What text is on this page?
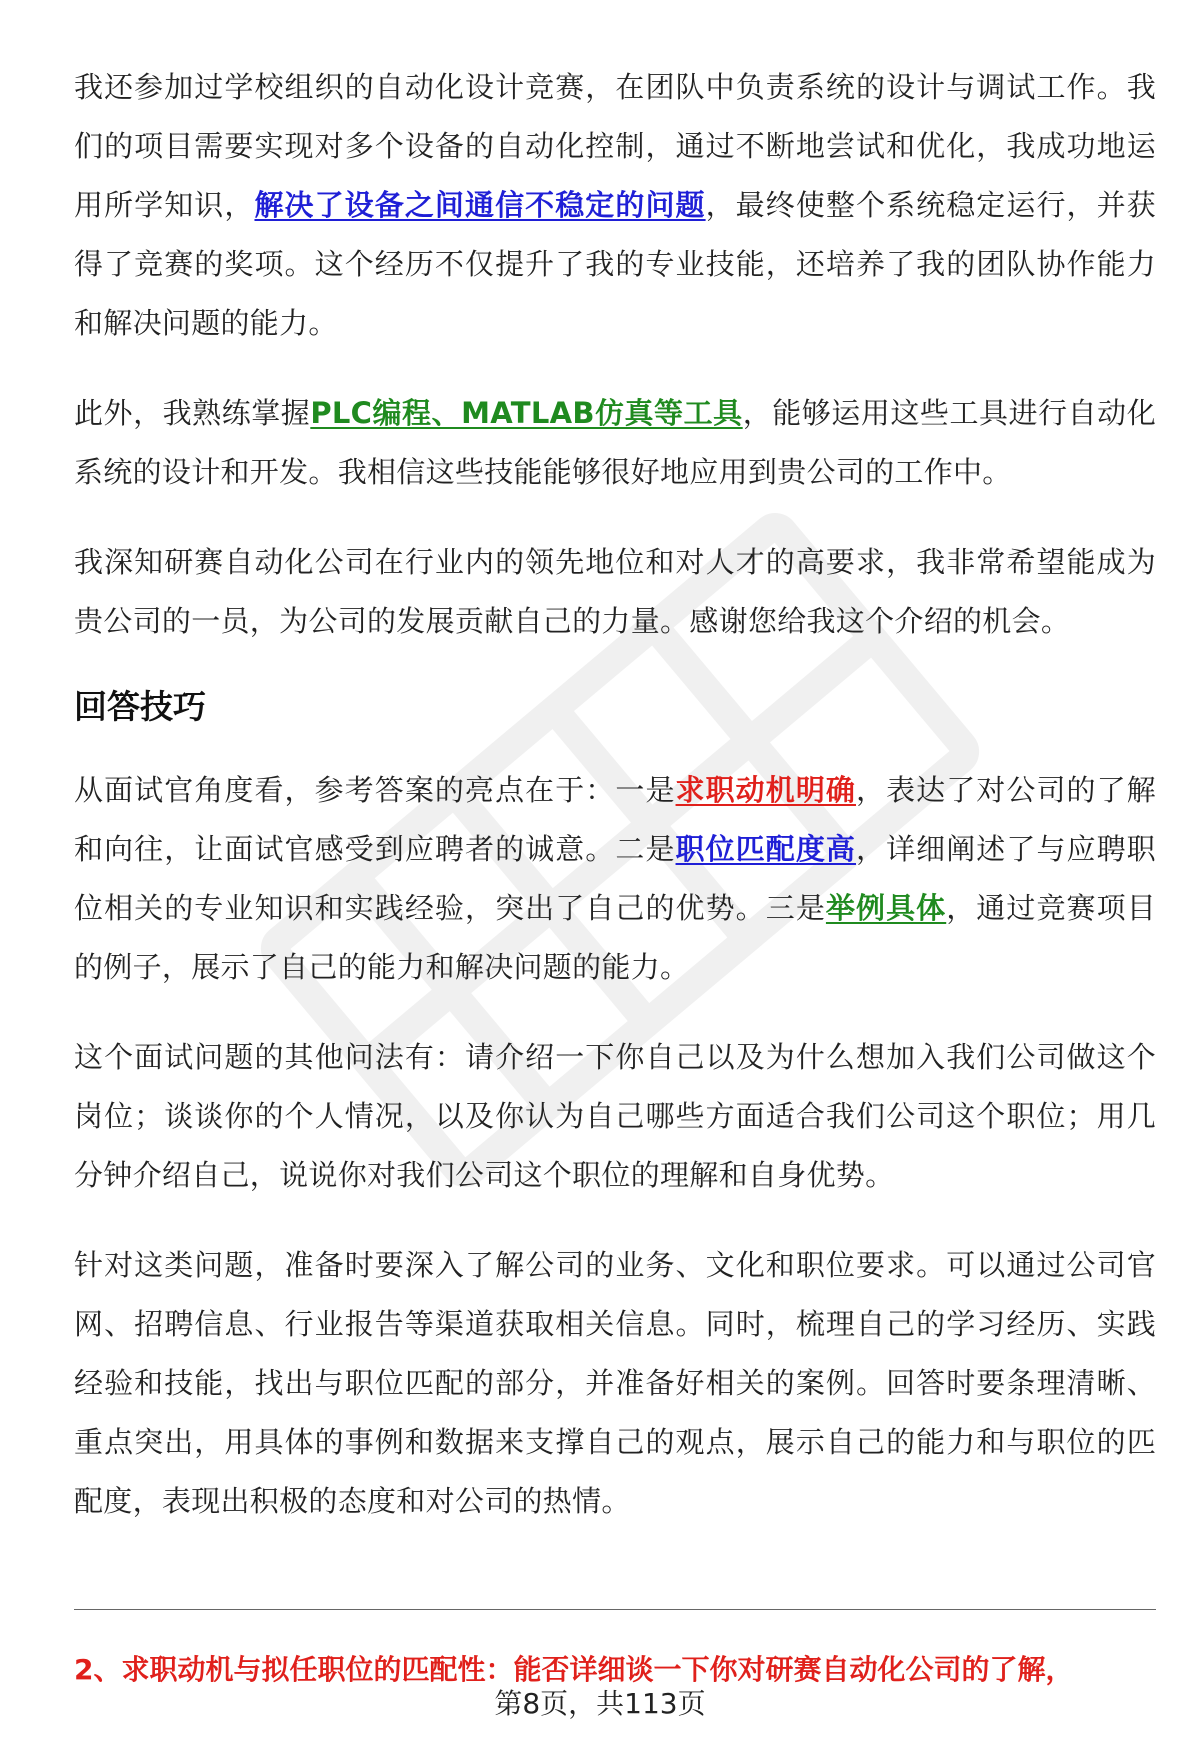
我还参加过学校组织的自动化设计竞赛，在团队中负责系统的设计与调试工作。我们的项目需要实现对多个设备的自动化控制，通过不断地尝试和优化，我成功地运用所学知识，解决了设备之间通信不稳定的问题，最终使整个系统稳定运行，并获得了竞赛的奖项。这个经历不仅提升了我的专业技能，还培养了我的团队协作能力和解决问题的能力。

此外，我熟练掌握PLC编程、MATLAB仿真等工具，能够运用这些工具进行自动化系统的设计和开发。我相信这些技能能够很好地应用到贵公司的工作中。

我深知研赛自动化公司在行业内的领先地位和对人才的高要求，我非常希望能成为贵公司的一员，为公司的发展贡献自己的力量。感谢您给我这个介绍的机会。

回答技巧

从面试官角度看，参考答案的亮点在于：一是求职动机明确，表达了对公司的了解和向往，让面试官感受到应聘者的诚意。二是职位匹配度高，详细阐述了与应聘职位相关的专业知识和实践经验，突出了自己的优势。三是举例具体，通过竞赛项目的例子，展示了自己的能力和解决问题的能力。

这个面试问题的其他问法有：请介绍一下你自己以及为什么想加入我们公司做这个岗位；谈谈你的个人情况，以及你认为自己哪些方面适合我们公司这个职位；用几分钟介绍自己，说说你对我们公司这个职位的理解和自身优势。

针对这类问题，准备时要深入了解公司的业务、文化和职位要求。可以通过公司官网、招聘信息、行业报告等渠道获取相关信息。同时，梳理自己的学习经历、实践经验和技能，找出与职位匹配的部分，并准备好相关的案例。回答时要条理清晰、重点突出，用具体的事例和数据来支撑自己的观点，展示自己的能力和与职位的匹配度，表现出积极的态度和对公司的热情。

2、求职动机与拟任职位的匹配性：能否详细谈一下你对研赛自动化公司的了解，
第8页，共113页
